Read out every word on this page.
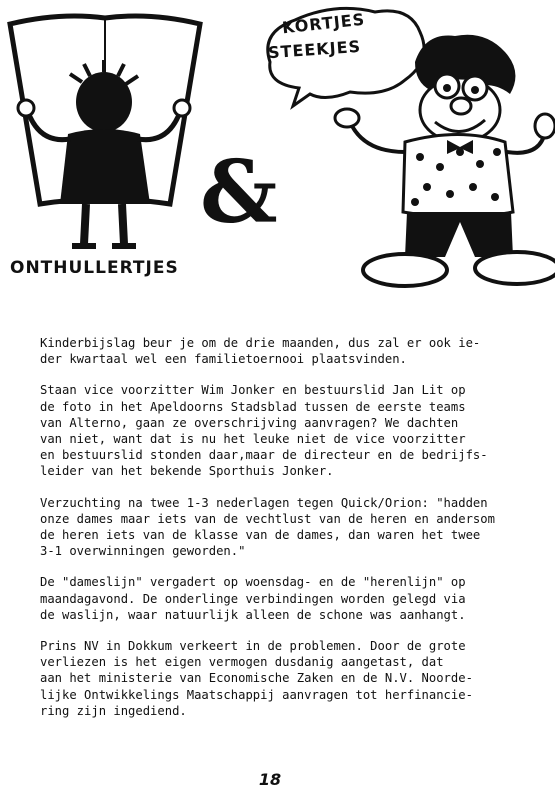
&
KORTJES
STEEKJES
ONTHULLERTJES

Kinderbijslag beur je om de drie maanden, dus zal er ook ie-
der kwartaal wel een familietoernooi plaatsvinden.

Staan vice voorzitter Wim Jonker en bestuurslid Jan Lit op
de foto in het Apeldoorns Stadsblad tussen de eerste teams
van Alterno, gaan ze overschrijving aanvragen? We dachten
van niet, want dat is nu het leuke niet de vice voorzitter
en bestuurslid stonden daar,maar de directeur en de bedrijfs-
leider van het bekende Sporthuis Jonker.

Verzuchting na twee 1-3 nederlagen tegen Quick/Orion: "hadden
onze dames maar iets van de vechtlust van de heren en andersom
de heren iets van de klasse van de dames, dan waren het twee
3-1 overwinningen geworden."

De "dameslijn" vergadert op woensdag- en de "herenlijn" op
maandagavond. De onderlinge verbindingen worden gelegd via
de waslijn, waar natuurlijk alleen de schone was aanhangt.

Prins NV in Dokkum verkeert in de problemen. Door de grote
verliezen is het eigen vermogen dusdanig aangetast, dat
aan het ministerie van Economische Zaken en de N.V. Noorde-
lijke Ontwikkelings Maatschappij aanvragen tot herfinancie-
ring zijn ingediend.

18
